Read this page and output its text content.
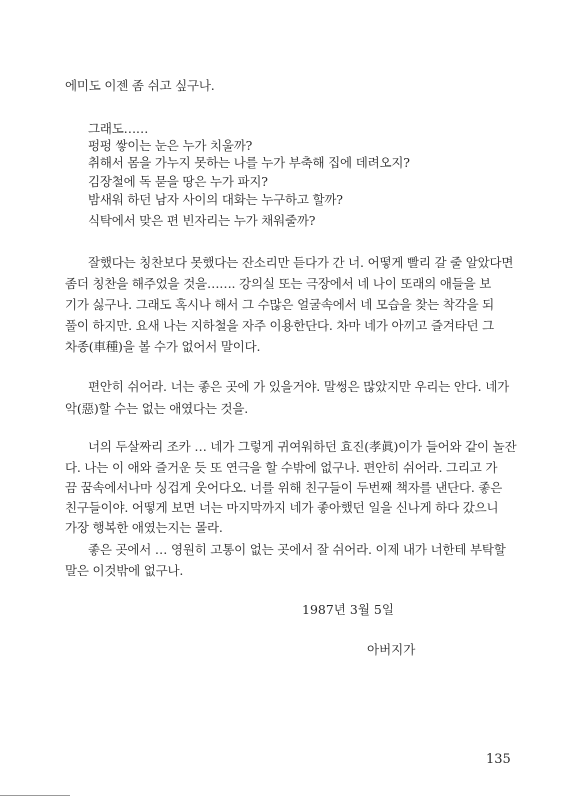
에미도 이젠 좀 쉬고 싶구나.
그래도……
펑펑 쌓이는 눈은 누가 치울까?
취해서 몸을 가누지 못하는 나를 누가 부축해 집에 데려오지?
김장철에 독 묻을 땅은 누가 파지?
밤새워 하던 남자 사이의 대화는 누구하고 할까?
식탁에서 맞은 편 빈자리는 누가 채워줄까?
잘했다는 칭찬보다 못했다는 잔소리만 듣다가 간 너. 어떻게 빨리 갈 줄 알았다면
좀더 칭찬을 해주었을 것을……. 강의실 또는 극장에서 네 나이 또래의 애들을 보
기가 싫구나. 그래도 혹시나 해서 그 수많은 얼굴속에서 네 모습을 찾는 착각을 되
풀이 하지만. 요새 나는 지하철을 자주 이용한단다. 차마 네가 아끼고 즐겨타던 그
차종(車種)을 볼 수가 없어서 말이다.
편안히 쉬어라. 너는 좋은 곳에 가 있을거야. 말썽은 많았지만 우리는 안다. 네가
악(惡)할 수는 없는 애였다는 것을.
너의 두살짜리 조카 … 네가 그렇게 귀여워하던 효진(孝眞)이가 들어와 같이 놀잔
다. 나는 이 애와 즐거운 듯 또 연극을 할 수밖에 없구나. 편안히 쉬어라. 그리고 가
끔 꿈속에서나마 싱겁게 웃어다오. 너를 위해 친구들이 두번째 책자를 낸단다. 좋은
친구들이야. 어떻게 보면 너는 마지막까지 네가 좋아했던 일을 신나게 하다 갔으니
가장 행복한 애였는지는 몰라.
좋은 곳에서 … 영원히 고통이 없는 곳에서 잘 쉬어라. 이제 내가 너한테 부탁할
말은 이것밖에 없구나.
1987년 3월 5일
아버지가
135
